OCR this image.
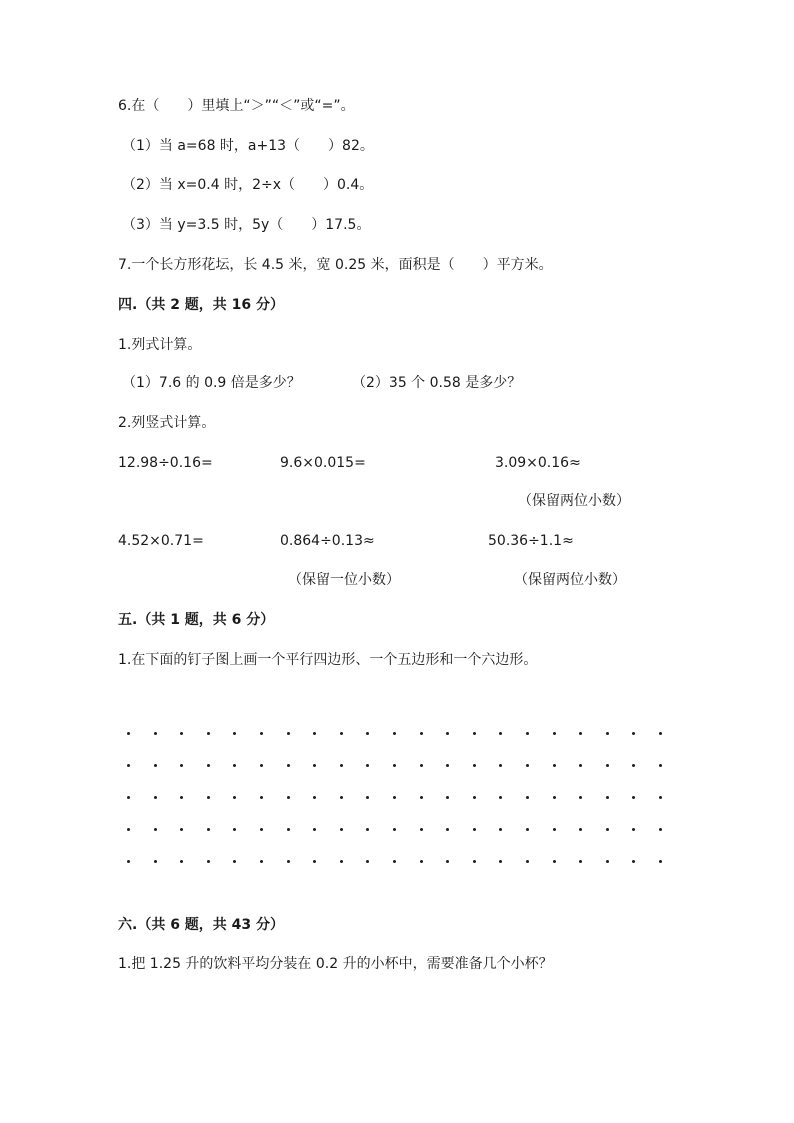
6.在（　　）里填上“＞”“＜”或“=”。
（1）当 a=68 时，a+13（　　）82。
（2）当 x=0.4 时，2÷x（　　）0.4。
（3）当 y=3.5 时，5y（　　）17.5。
7.一个长方形花坛，长 4.5 米，宽 0.25 米，面积是（　　）平方米。
四.（共 2 题，共 16 分）
1.列式计算。
（1）7.6 的 0.9 倍是多少？	（2）35 个 0.58 是多少？
2.列竖式计算。
12.98÷0.16=	9.6×0.015=	3.09×0.16≈
（保留两位小数）
4.52×0.71=	0.864÷0.13≈	50.36÷1.1≈
（保留一位小数）	（保留两位小数）
五.（共 1 题，共 6 分）
1.在下面的钉子图上画一个平行四边形、一个五边形和一个六边形。
六.（共 6 题，共 43 分）
1.把 1.25 升的饮料平均分装在 0.2 升的小杯中，需要准备几个小杯？
